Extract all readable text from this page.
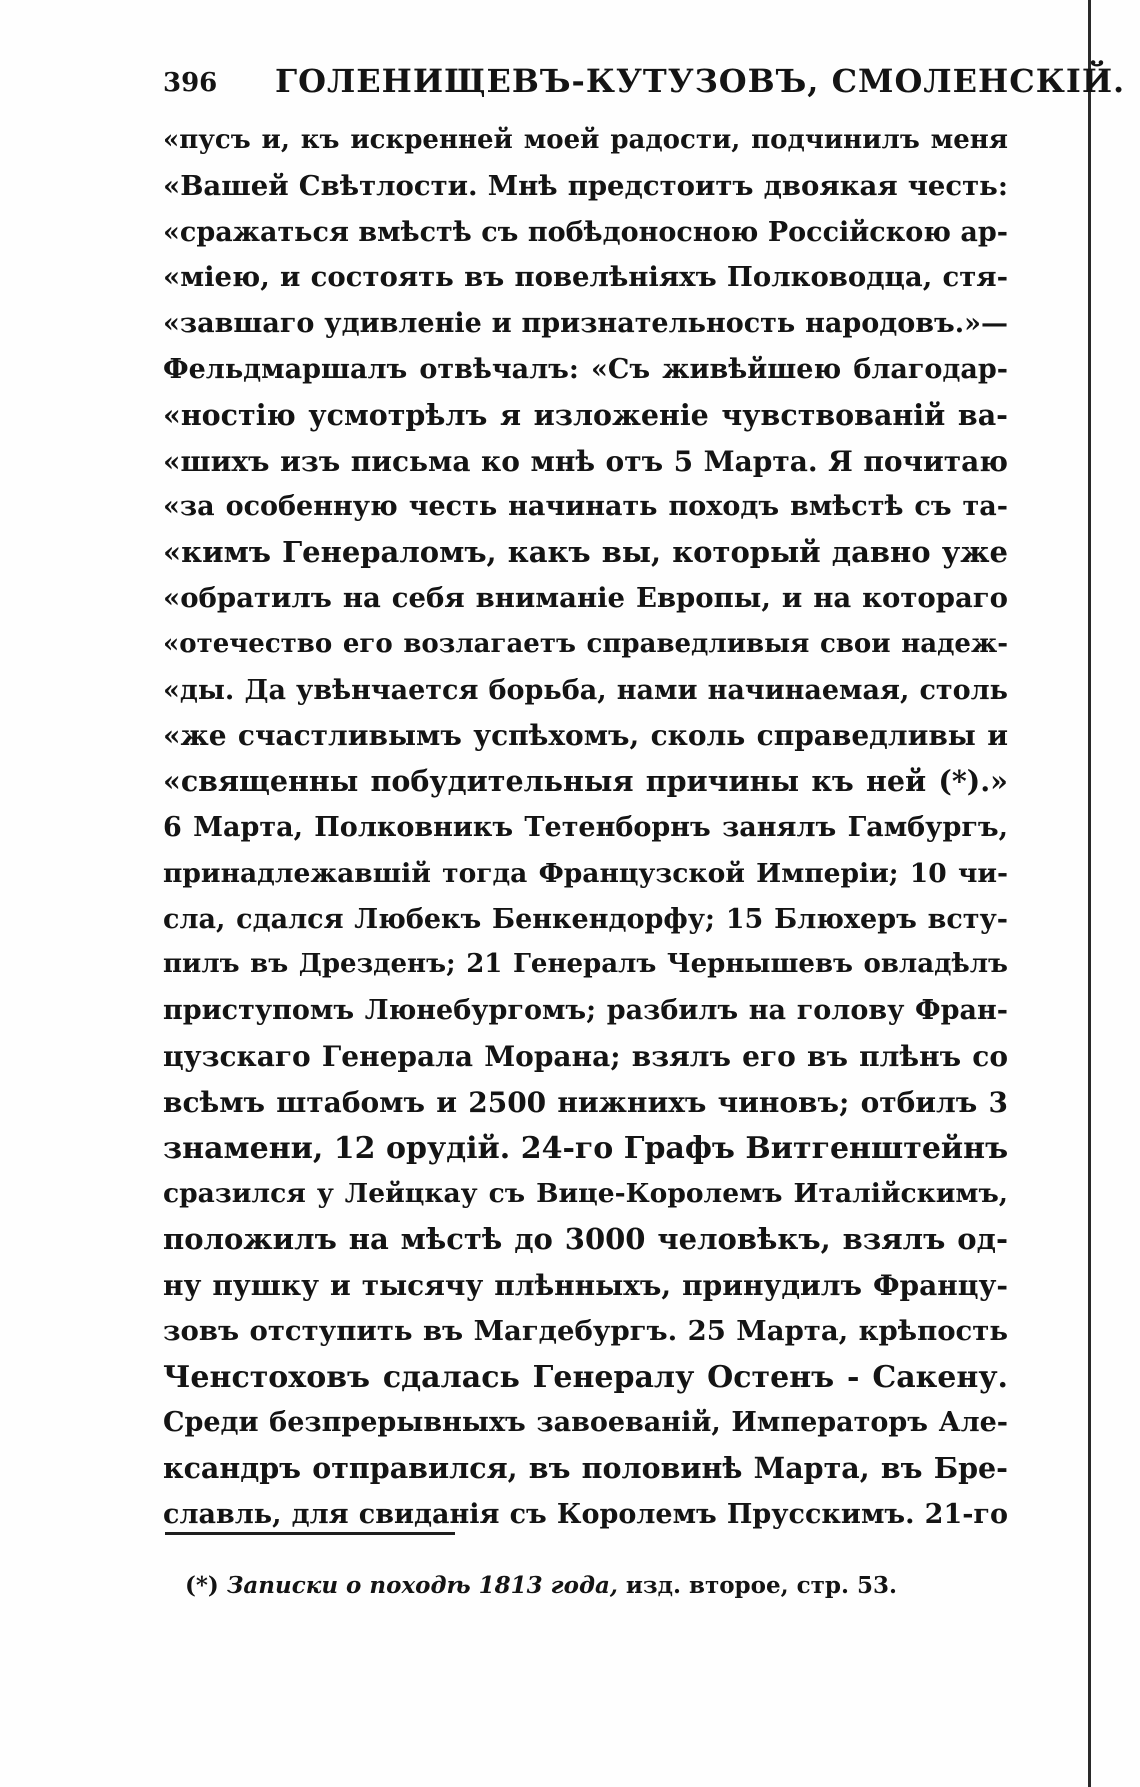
396 ГОЛЕНИЩЕВЪ-КУТУЗОВЪ, СМОЛЕНСКІЙ.
«пусъ и, къ искренней моей радости, подчинилъ меня
«Вашей Свѣтлости. Мнѣ предстоитъ двоякая честь:
«сражаться вмѣстѣ съ побѣдоносною Россійскою ар-
«міею, и состоять въ повелѣніяхъ Полководца, стя-
«завшаго удивленіе и признательность народовъ.»—
Фельдмаршалъ отвѣчалъ: «Съ живѣйшею благодар-
«ностію усмотрѣлъ я изложеніе чувствованій ва-
«шихъ изъ письма ко мнѣ отъ 5 Марта. Я почитаю
«за особенную честь начинать походъ вмѣстѣ съ та-
«кимъ Генераломъ, какъ вы, который давно уже
«обратилъ на себя вниманіе Европы, и на котораго
«отечество его возлагаетъ справедливыя свои надеж-
«ды. Да увѣнчается борьба, нами начинаемая, столь
«же счастливымъ успѣхомъ, сколь справедливы и
«священны побудительныя причины къ ней (*).»
6 Марта, Полковникъ Тетенборнъ занялъ Гамбургъ,
принадлежавшій тогда Французской Имперіи; 10 чи-
сла, сдался Любекъ Бенкендорфу; 15 Блюхеръ всту-
пилъ въ Дрезденъ; 21 Генералъ Чернышевъ овладѣлъ
приступомъ Люнебургомъ; разбилъ на голову Фран-
цузскаго Генерала Морана; взялъ его въ плѣнъ со
всѣмъ штабомъ и 2500 нижнихъ чиновъ; отбилъ 3
знамени, 12 орудій. 24-го Графъ Витгенштейнъ
сразился у Лейцкау съ Вице-Королемъ Италійскимъ,
положилъ на мѣстѣ до 3000 человѣкъ, взялъ од-
ну пушку и тысячу плѣнныхъ, принудилъ Францу-
зовъ отступить въ Магдебургъ. 25 Марта, крѣпость
Ченстоховъ сдалась Генералу Остенъ - Сакену.
Среди безпрерывныхъ завоеваній, Императоръ Але-
ксандръ отправился, въ половинѣ Марта, въ Бре-
славль, для свиданія съ Королемъ Прусскимъ. 21-го
(*) Записки о походѣ 1813 года, изд. второе, стр. 53.
